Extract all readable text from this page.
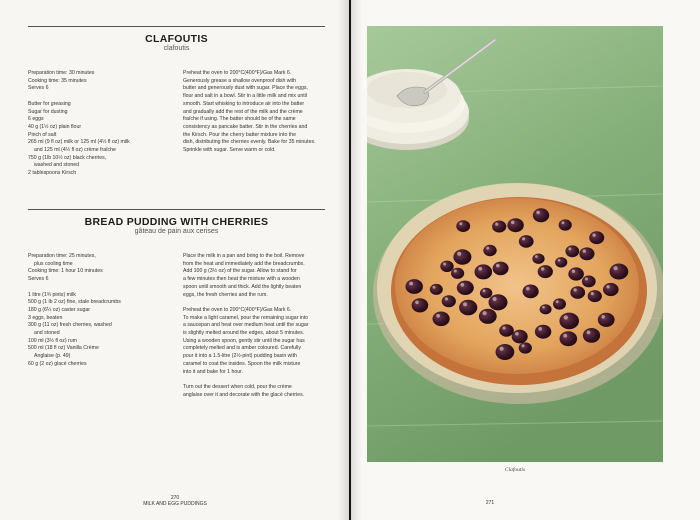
CLAFOUTIS
clafoutis
Preparation time: 30 minutes
Cooking time: 35 minutes
Serves 6
Butter for greasing
Sugar for dusting
6 eggs
40 g (1½ oz) plain flour
Pinch of salt
265 ml (9 fl oz) milk or 125 ml (4½ fl oz) milk
and 125 ml (4½ fl oz) crème fraîche
750 g (1lb 10½ oz) black cherries,
washed and stoned
2 tablespoons Kirsch
Preheat the oven to 200°C(400°F)/Gas Mark 6.
Generously grease a shallow ovenproof dish with
butter and generously dust with sugar. Place the eggs,
flour and salt in a bowl. Stir in a little milk and mix until
smooth. Start whisking to introduce air into the batter
and gradually add the rest of the milk and the crème
fraîche if using. The batter should be of the same
consistency as pancake batter. Stir in the cherries and
the Kirsch. Pour the cherry batter mixture into the
dish, distributing the cherries evenly. Bake for 35 minutes.
Sprinkle with sugar. Serve warm or cold.
BREAD PUDDING WITH CHERRIES
gâteau de pain aux cerises
Preparation time: 25 minutes,
plus cooling time
Cooking time: 1 hour 10 minutes
Serves 6
1 litre (1¾ pints) milk
500 g (1 lb 2 oz) fine, stale breadcrumbs
180 g (6¼ oz) caster sugar
3 eggs, beaten
300 g (11 oz) fresh cherries, washed
and stoned
100 ml (3½ fl oz) rum
500 ml (18 fl oz) Vanilla Crème
Anglaise (p. 49)
60 g (2 oz) glacé cherries
Place the milk in a pan and bring to the boil. Remove
from the heat and immediately add the breadcrumbs.
Add 100 g (3½ oz) of the sugar. Allow to stand for
a few minutes then beat the mixture with a wooden
spoon until smooth and thick. Add the lightly beaten
eggs, the fresh cherries and the rum.
Preheat the oven to 200°C(400°F)/Gas Mark 6.
To make a light caramel, pour the remaining sugar into
a saucepan and heat over medium heat until the sugar
is slightly melted around the edges, about 5 minutes.
Using a wooden spoon, gently stir until the sugar has
completely melted and is amber coloured. Carefully
pour it into a 1.5-litre (2½-pint) pudding basin with
caramel to coat the insides. Spoon the milk mixture
into it and bake for 1 hour.
Turn out the dessert when cold, pour the crème
anglaise over it and decorate with the glacé cherries.
270
MILK AND EGG PUDDINGS
Clafoutis
271
